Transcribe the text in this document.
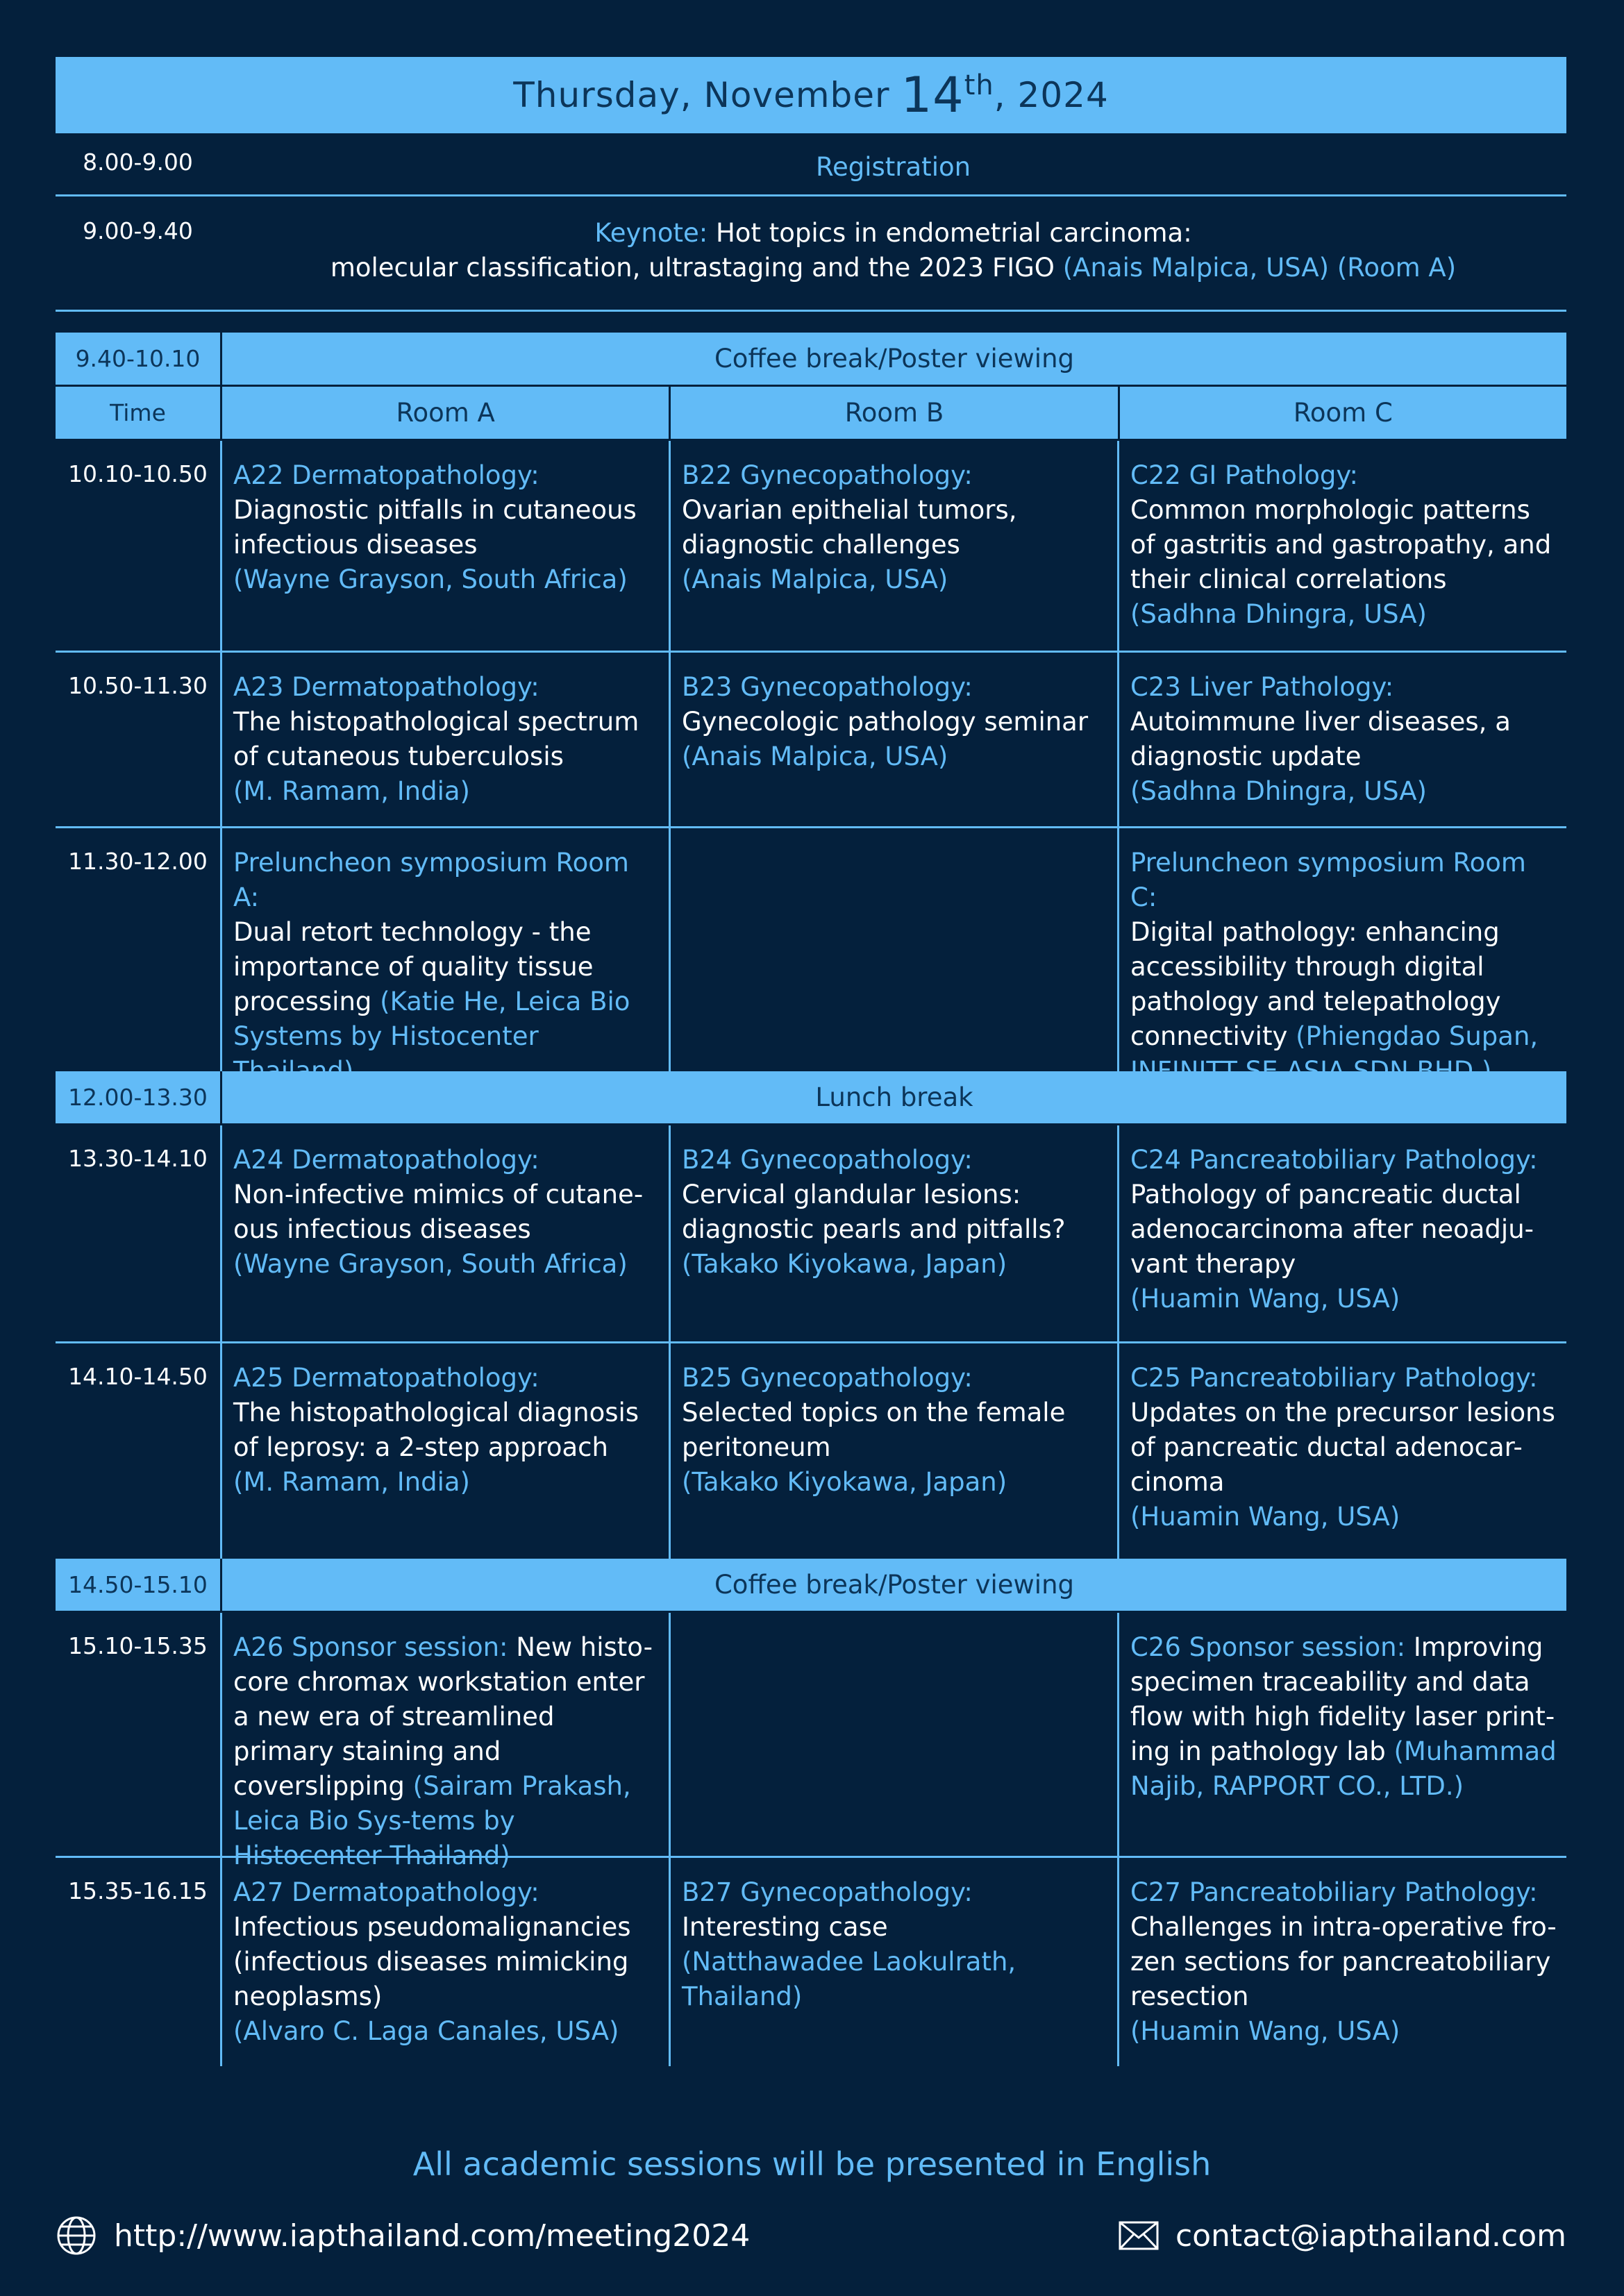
Thursday, November 14th , 2024
8.00-9.00	Registration
9.00-9.40	Keynote: Hot topics in endometrial carcinoma:
molecular classification, ultrastaging and the 2023 FIGO (Anais Malpica, USA) (Room A)
9.40-10.10	Coffee break/Poster viewing
Time	Room A	Room B	Room C
10.10-10.50	A22 Dermatopathology:
Diagnostic pitfalls in cutaneous infectious diseases
(Wayne Grayson, South Africa)
B22 Gynecopathology:
Ovarian epithelial tumors, diagnostic challenges
(Anais Malpica, USA)
C22 GI Pathology:
Common morphologic patterns of gastritis and gastropathy, and their clinical correlations
(Sadhna Dhingra, USA)
10.50-11.30	A23 Dermatopathology:
The histopathological spectrum of cutaneous tuberculosis
(M. Ramam, India)
B23 Gynecopathology:
Gynecologic pathology seminar
(Anais Malpica, USA)
C23 Liver Pathology:
Autoimmune liver diseases, a diagnostic update
(Sadhna Dhingra, USA)
11.30-12.00	Preluncheon symposium Room A:
Dual retort technology - the importance of quality tissue processing (Katie He, Leica Bio Systems by Histocenter Thailand)
Preluncheon symposium Room C:
Digital pathology: enhancing accessibility through digital pathology and telepathology connectivity (Phiengdao Supan, INFINITT SE ASIA SDN BHD.)
12.00-13.30	Lunch break
13.30-14.10	A24 Dermatopathology:
Non-infective mimics of cutane-ous infectious diseases
(Wayne Grayson, South Africa)
B24 Gynecopathology:
Cervical glandular lesions: diagnostic pearls and pitfalls?
(Takako Kiyokawa, Japan)
C24 Pancreatobiliary Pathology:
Pathology of pancreatic ductal adenocarcinoma after neoadju-vant therapy
(Huamin Wang, USA)
14.10-14.50	A25 Dermatopathology:
The histopathological diagnosis of leprosy: a 2-step approach
(M. Ramam, India)
B25 Gynecopathology:
Selected topics on the female peritoneum
(Takako Kiyokawa, Japan)
C25 Pancreatobiliary Pathology:
Updates on the precursor lesions of pancreatic ductal adenocar-cinoma
(Huamin Wang, USA)
14.50-15.10	Coffee break/Poster viewing
15.10-15.35	A26 Sponsor session: New histo-core chromax workstation enter a new era of streamlined primary staining and coverslipping (Sairam Prakash, Leica Bio Sys-tems by Histocenter Thailand)
C26 Sponsor session: Improving specimen traceability and data flow with high fidelity laser print-ing in pathology lab (Muhammad Najib, RAPPORT CO., LTD.)
15.35-16.15	A27 Dermatopathology:
Infectious pseudomalignancies (infectious diseases mimicking neoplasms)
(Alvaro C. Laga Canales, USA)
B27 Gynecopathology:
Interesting case
(Natthawadee Laokulrath, Thailand)
C27 Pancreatobiliary Pathology:
Challenges in intra-operative fro-zen sections for pancreatobiliary resection
(Huamin Wang, USA)
All academic sessions will be presented in English
http://www.iapthailand.com/meeting2024	contact@iapthailand.com
